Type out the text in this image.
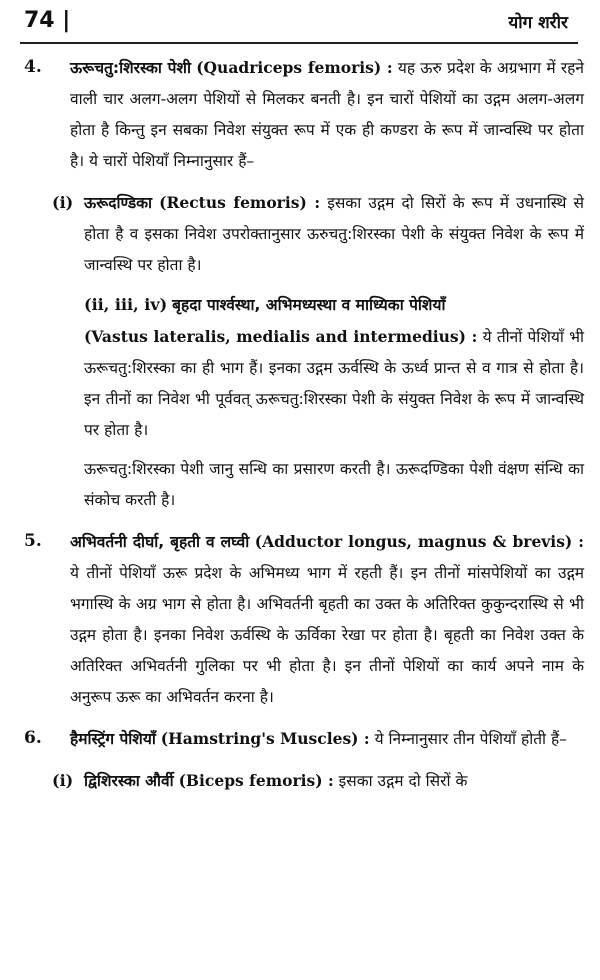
74 |	योग शरीर
4. ऊरूचतु:शिरस्का पेशी (Quadriceps femoris) : यह ऊरु प्रदेश के अग्रभाग में रहने वाली चार अलग-अलग पेशियों से मिलकर बनती है। इन चारों पेशियों का उद्गम अलग-अलग होता है किन्तु इन सबका निवेश संयुक्त रूप में एक ही कण्डरा के रूप में जान्वस्थि पर होता है। ये चारों पेशियाँ निम्नानुसार हैं–

(i) ऊरूदण्डिका (Rectus femoris) : इसका उद्गम दो सिरों के रूप में उधनास्थि से होता है व इसका निवेश उपरोक्तानुसार ऊरुचतु:शिरस्का पेशी के संयुक्त निवेश के रूप में जान्वस्थि पर होता है।

(ii, iii, iv) बृहदा पार्श्वस्था, अभिमध्यस्था व माध्यिका पेशियाँ

(Vastus lateralis, medialis and intermedius) : ये तीनों पेशियाँ भी ऊरूचतु:शिरस्का का ही भाग हैं। इनका उद्गम ऊर्वस्थि के ऊर्ध्व प्रान्त से व गात्र से होता है। इन तीनों का निवेश भी पूर्ववत् ऊरूचतु:शिरस्का पेशी के संयुक्त निवेश के रूप में जान्वस्थि पर होता है।

ऊरूचतु:शिरस्का पेशी जानु सन्धि का प्रसारण करती है। ऊरूदण्डिका पेशी वंक्षण संन्धि का संकोच करती है।

5. अभिवर्तनी दीर्घा, बृहती व लघ्वी (Adductor longus, magnus & brevis) : ये तीनों पेशियाँ ऊरू प्रदेश के अभिमध्य भाग में रहती हैं। इन तीनों मांसपेशियों का उद्गम भगास्थि के अग्र भाग से होता है। अभिवर्तनी बृहती का उक्त के अतिरिक्त कुकुन्दरास्थि से भी उद्गम होता है। इनका निवेश ऊर्वस्थि के ऊर्विका रेखा पर होता है। बृहती का निवेश उक्त के अतिरिक्त अभिवर्तनी गुलिका पर भी होता है। इन तीनों पेशियों का कार्य अपने नाम के अनुरूप ऊरू का अभिवर्तन करना है।

6. हैमस्ट्रिंग पेशियाँ (Hamstring's Muscles) : ये निम्नानुसार तीन पेशियाँ होती हैं–

(i) द्विशिरस्का और्वी (Biceps femoris) : इसका उद्गम दो सिरों के
